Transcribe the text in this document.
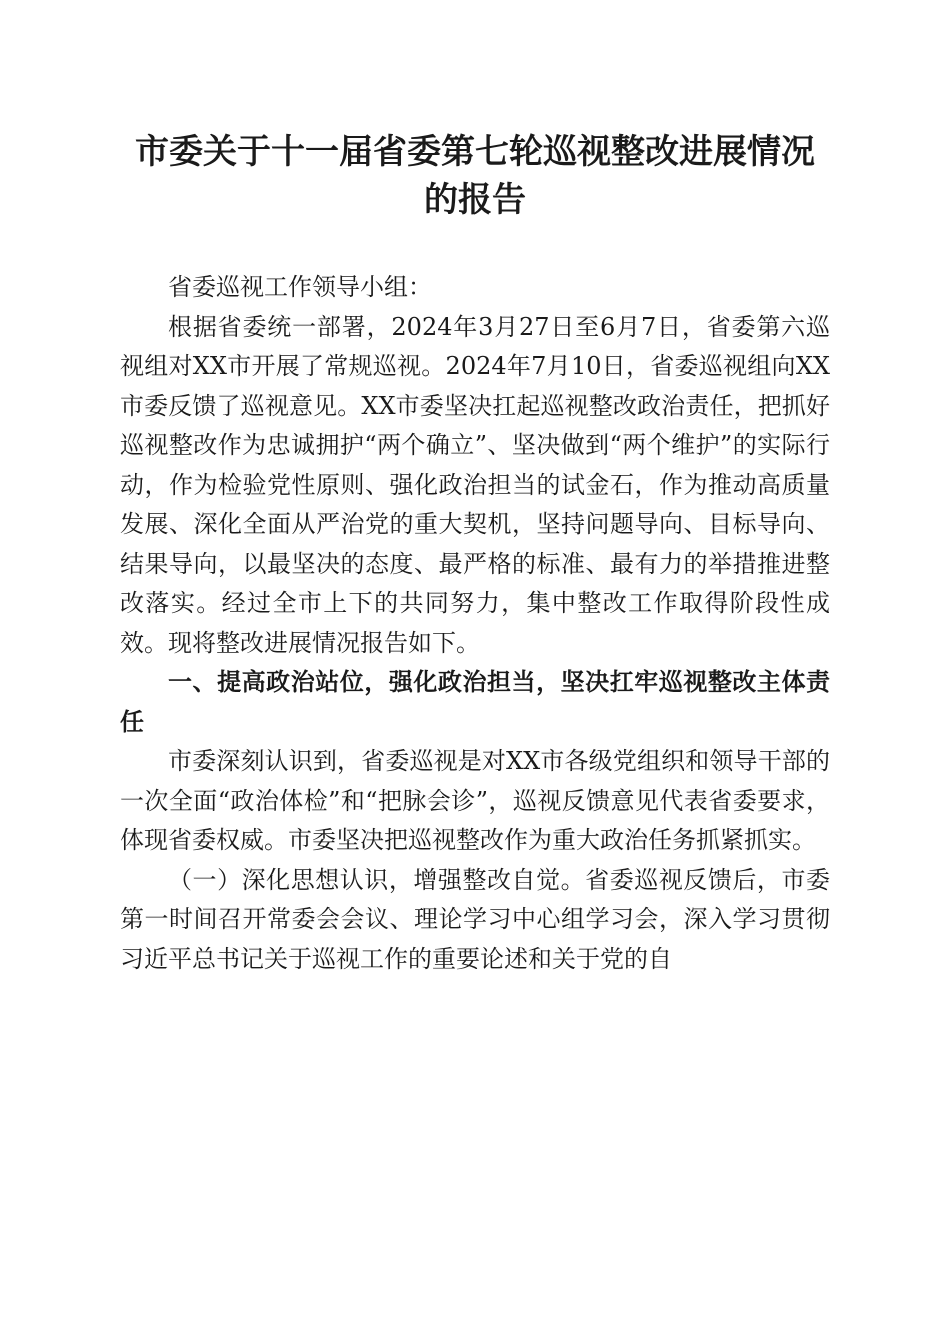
市委关于十一届省委第七轮巡视整改进展情况的报告

省委巡视工作领导小组：

根据省委统一部署，2024年3月27日至6月7日，省委第六巡视组对XX市开展了常规巡视。2024年7月10日，省委巡视组向XX市委反馈了巡视意见。XX市委坚决扛起巡视整改政治责任，把抓好巡视整改作为忠诚拥护“两个确立”、坚决做到“两个维护”的实际行动，作为检验党性原则、强化政治担当的试金石，作为推动高质量发展、深化全面从严治党的重大契机，坚持问题导向、目标导向、结果导向，以最坚决的态度、最严格的标准、最有力的举措推进整改落实。经过全市上下的共同努力，集中整改工作取得阶段性成效。现将整改进展情况报告如下。

一、提高政治站位，强化政治担当，坚决扛牢巡视整改主体责任

市委深刻认识到，省委巡视是对XX市各级党组织和领导干部的一次全面“政治体检”和“把脉会诊”，巡视反馈意见代表省委要求，体现省委权威。市委坚决把巡视整改作为重大政治任务抓紧抓实。

（一）深化思想认识，增强整改自觉。省委巡视反馈后，市委第一时间召开常委会会议、理论学习中心组学习会，深入学习贯彻习近平总书记关于巡视工作的重要论述和关于党的自
